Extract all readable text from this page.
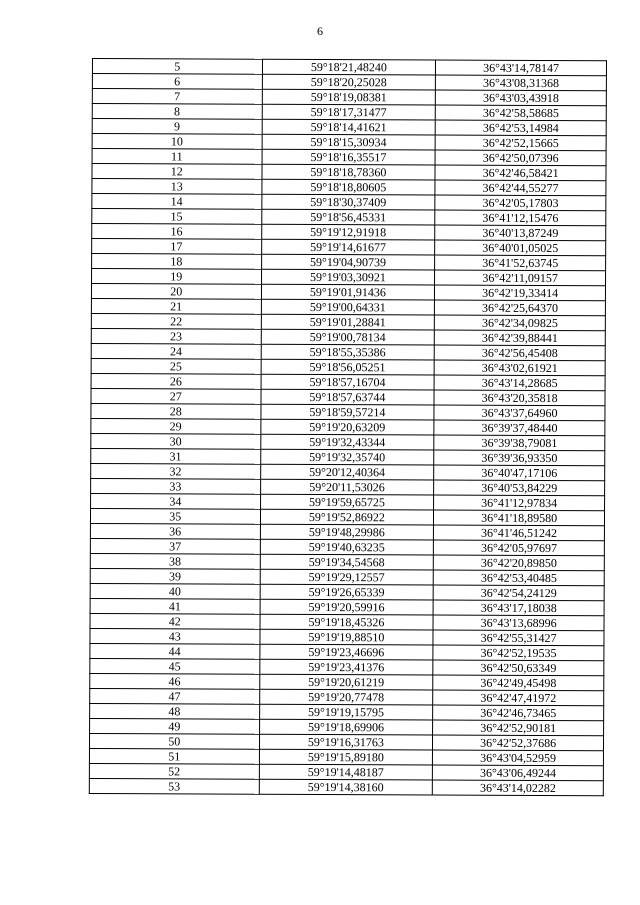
6
5	59°18'21,48240	36°43'14,78147
6	59°18'20,25028	36°43'08,31368
7	59°18'19,08381	36°43'03,43918
8	59°18'17,31477	36°42'58,58685
9	59°18'14,41621	36°42'53,14984
10	59°18'15,30934	36°42'52,15665
11	59°18'16,35517	36°42'50,07396
12	59°18'18,78360	36°42'46,58421
13	59°18'18,80605	36°42'44,55277
14	59°18'30,37409	36°42'05,17803
15	59°18'56,45331	36°41'12,15476
16	59°19'12,91918	36°40'13,87249
17	59°19'14,61677	36°40'01,05025
18	59°19'04,90739	36°41'52,63745
19	59°19'03,30921	36°42'11,09157
20	59°19'01,91436	36°42'19,33414
21	59°19'00,64331	36°42'25,64370
22	59°19'01,28841	36°42'34,09825
23	59°19'00,78134	36°42'39,88441
24	59°18'55,35386	36°42'56,45408
25	59°18'56,05251	36°43'02,61921
26	59°18'57,16704	36°43'14,28685
27	59°18'57,63744	36°43'20,35818
28	59°18'59,57214	36°43'37,64960
29	59°19'20,63209	36°39'37,48440
30	59°19'32,43344	36°39'38,79081
31	59°19'32,35740	36°39'36,93350
32	59°20'12,40364	36°40'47,17106
33	59°20'11,53026	36°40'53,84229
34	59°19'59,65725	36°41'12,97834
35	59°19'52,86922	36°41'18,89580
36	59°19'48,29986	36°41'46,51242
37	59°19'40,63235	36°42'05,97697
38	59°19'34,54568	36°42'20,89850
39	59°19'29,12557	36°42'53,40485
40	59°19'26,65339	36°42'54,24129
41	59°19'20,59916	36°43'17,18038
42	59°19'18,45326	36°43'13,68996
43	59°19'19,88510	36°42'55,31427
44	59°19'23,46696	36°42'52,19535
45	59°19'23,41376	36°42'50,63349
46	59°19'20,61219	36°42'49,45498
47	59°19'20,77478	36°42'47,41972
48	59°19'19,15795	36°42'46,73465
49	59°19'18,69906	36°42'52,90181
50	59°19'16,31763	36°42'52,37686
51	59°19'15,89180	36°43'04,52959
52	59°19'14,48187	36°43'06,49244
53	59°19'14,38160	36°43'14,02282
